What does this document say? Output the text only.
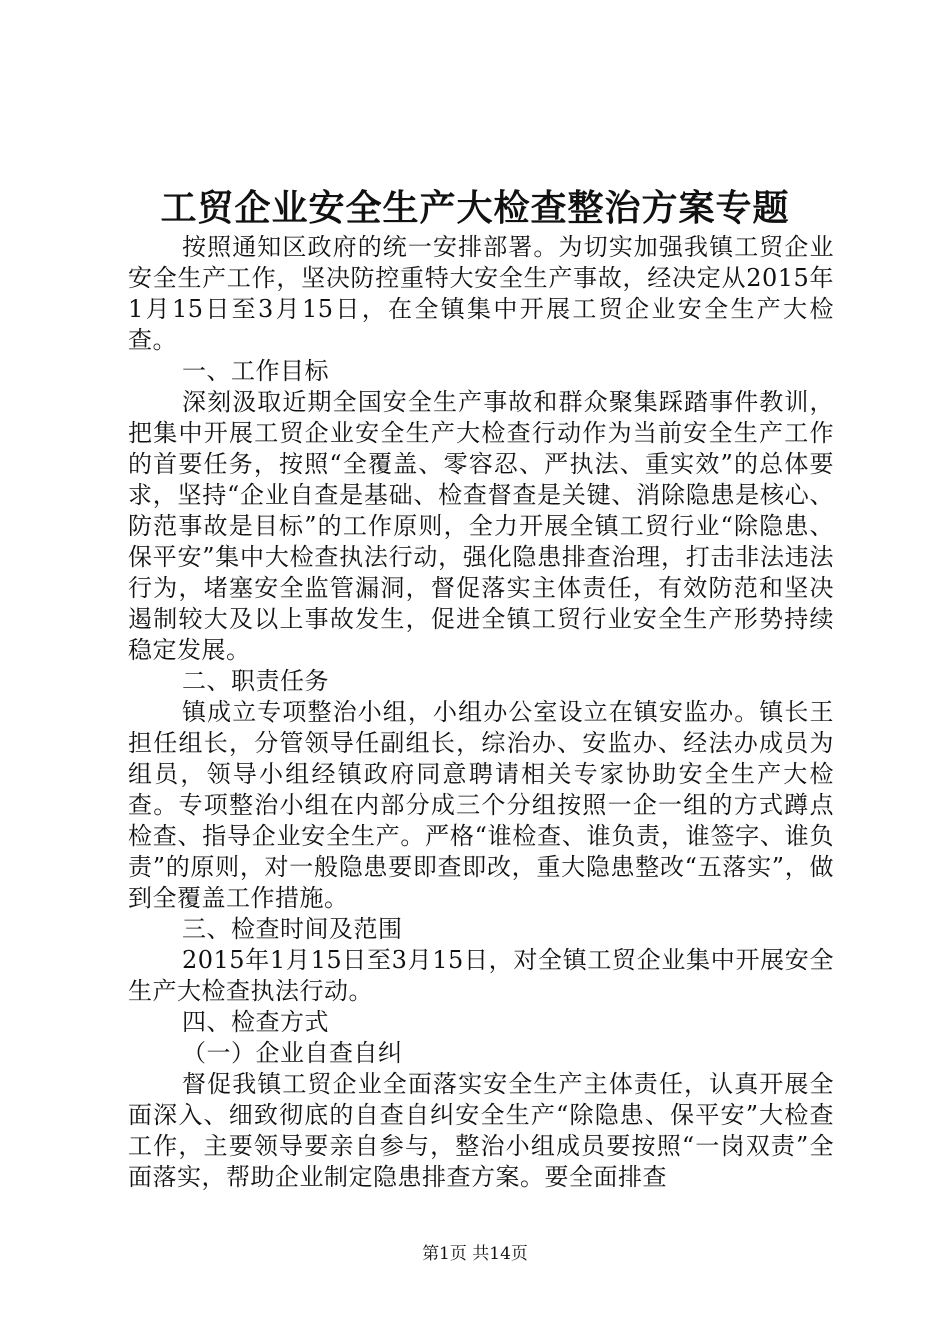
工贸企业安全生产大检查整治方案专题

按照通知区政府的统一安排部署。为切实加强我镇工贸企业安全生产工作，坚决防控重特大安全生产事故，经决定从2015年1月15日至3月15日，在全镇集中开展工贸企业安全生产大检查。

一、工作目标

深刻汲取近期全国安全生产事故和群众聚集踩踏事件教训，把集中开展工贸企业安全生产大检查行动作为当前安全生产工作的首要任务，按照“全覆盖、零容忍、严执法、重实效”的总体要求，坚持“企业自查是基础、检查督查是关键、消除隐患是核心、防范事故是目标”的工作原则，全力开展全镇工贸行业“除隐患、保平安”集中大检查执法行动，强化隐患排查治理，打击非法违法行为，堵塞安全监管漏洞，督促落实主体责任，有效防范和坚决遏制较大及以上事故发生，促进全镇工贸行业安全生产形势持续稳定发展。

二、职责任务

镇成立专项整治小组，小组办公室设立在镇安监办。镇长王担任组长，分管领导任副组长，综治办、安监办、经法办成员为组员，领导小组经镇政府同意聘请相关专家协助安全生产大检查。专项整治小组在内部分成三个分组按照一企一组的方式蹲点检查、指导企业安全生产。严格“谁检查、谁负责，谁签字、谁负责”的原则，对一般隐患要即查即改，重大隐患整改“五落实”，做到全覆盖工作措施。

三、检查时间及范围

2015年1月15日至3月15日，对全镇工贸企业集中开展安全生产大检查执法行动。

四、检查方式

（一）企业自查自纠

督促我镇工贸企业全面落实安全生产主体责任，认真开展全面深入、细致彻底的自查自纠安全生产“除隐患、保平安”大检查工作，主要领导要亲自参与，整治小组成员要按照“一岗双责”全面落实，帮助企业制定隐患排查方案。要全面排查

第1页 共14页
